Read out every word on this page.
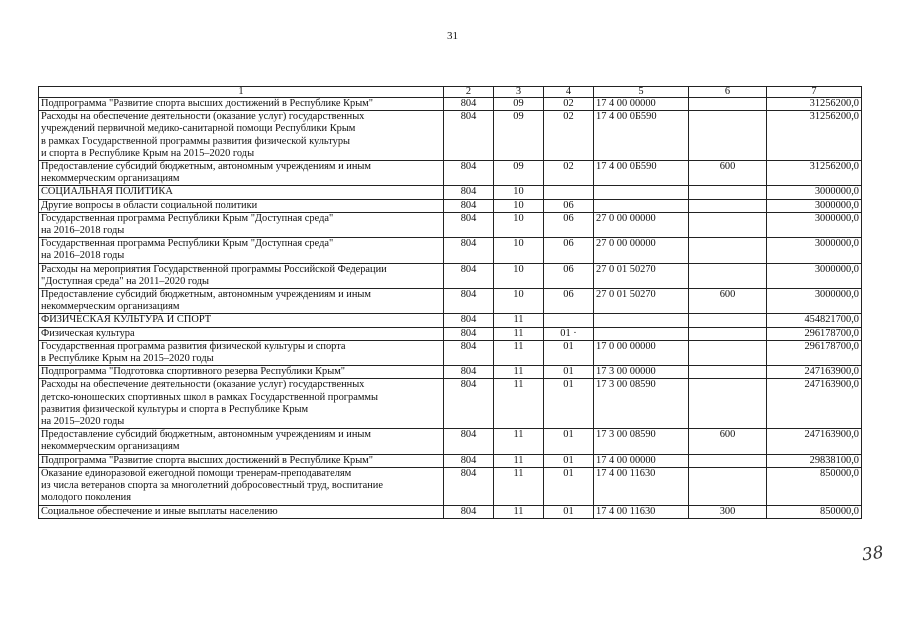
31
1	2	3	4	5	6	7
Подпрограмма "Развитие спорта высших достижений в Республике Крым"	804	09	02	17 4 00 00000		31256200,0
Расходы на обеспечение деятельности (оказание услуг) государственных
учреждений первичной медико-санитарной помощи Республики Крым
в рамках Государственной программы развития физической культуры
и спорта в Республике Крым на 2015–2020 годы	804	09	02	17 4 00 0Б590		31256200,0
Предоставление субсидий бюджетным, автономным учреждениям и иным
некоммерческим организациям	804	09	02	17 4 00 0Б590	600	31256200,0
СОЦИАЛЬНАЯ ПОЛИТИКА	804	10				3000000,0
Другие вопросы в области социальной политики	804	10	06			3000000,0
Государственная программа Республики Крым "Доступная среда"
на 2016–2018 годы	804	10	06	27 0 00 00000		3000000,0
Государственная программа Республики Крым "Доступная среда"
на 2016–2018 годы	804	10	06	27 0 00 00000		3000000,0
Расходы на мероприятия Государственной программы Российской Федерации
"Доступная среда" на 2011–2020 годы	804	10	06	27 0 01 50270		3000000,0
Предоставление субсидий бюджетным, автономным учреждениям и иным
некоммерческим организациям	804	10	06	27 0 01 50270	600	3000000,0
ФИЗИЧЕСКАЯ КУЛЬТУРА И СПОРТ	804	11				454821700,0
Физическая культура	804	11	01 ·			296178700,0
Государственная программа развития физической культуры и спорта
в Республике Крым на 2015–2020 годы	804	11	01	17 0 00 00000		296178700,0
Подпрограмма "Подготовка спортивного резерва Республики Крым"	804	11	01	17 3 00 00000		247163900,0
Расходы на обеспечение деятельности (оказание услуг) государственных
детско-юношеских спортивных школ в рамках Государственной программы
развития физической культуры и спорта в Республике Крым
на 2015–2020 годы	804	11	01	17 3 00 08590		247163900,0
Предоставление субсидий бюджетным, автономным учреждениям и иным
некоммерческим организациям	804	11	01	17 3 00 08590	600	247163900,0
Подпрограмма "Развитие спорта высших достижений в Республике Крым"	804	11	01	17 4 00 00000		29838100,0
Оказание единоразовой ежегодной помощи тренерам-преподавателям
из числа ветеранов спорта за многолетний добросовестный труд, воспитание
молодого поколения	804	11	01	17 4 00 11630		850000,0
Социальное обеспечение и иные выплаты населению	804	11	01	17 4 00 11630	300	850000,0
38
